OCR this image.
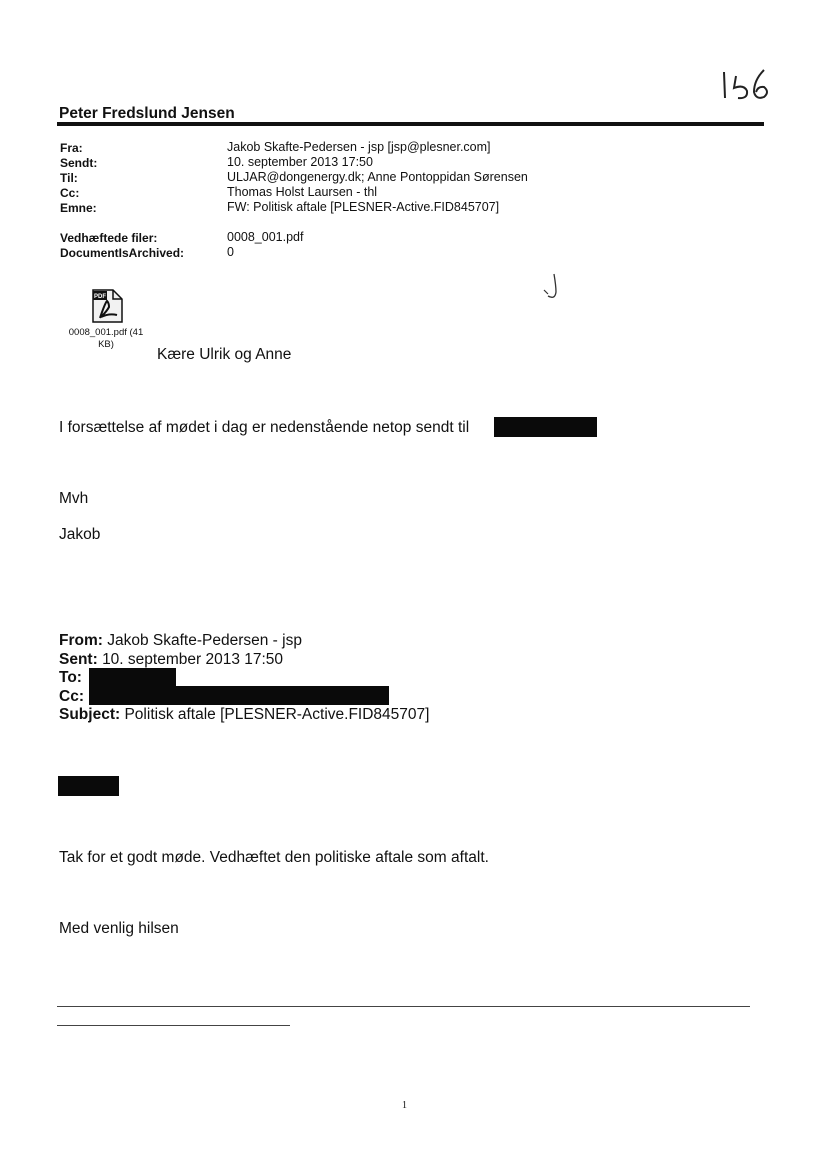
Peter Fredslund Jensen
Fra:	Jakob Skafte-Pedersen - jsp [jsp@plesner.com]
Sendt:	10. september 2013 17:50
Til:	ULJAR@dongenergy.dk; Anne Pontoppidan Sørensen
Cc:	Thomas Holst Laursen - thl
Emne:	FW: Politisk aftale [PLESNER-Active.FID845707]
Vedhæftede filer:	0008_001.pdf
DocumentIsArchived:	0
PDF
0008_001.pdf (41 KB)
Kære Ulrik og Anne
I forsættelse af mødet i dag er nedenstående netop sendt til
Mvh
Jakob
From: Jakob Skafte-Pedersen - jsp
Sent: 10. september 2013 17:50
To:
Cc:
Subject: Politisk aftale [PLESNER-Active.FID845707]
Tak for et godt møde. Vedhæftet den politiske aftale som aftalt.
Med venlig hilsen
1
